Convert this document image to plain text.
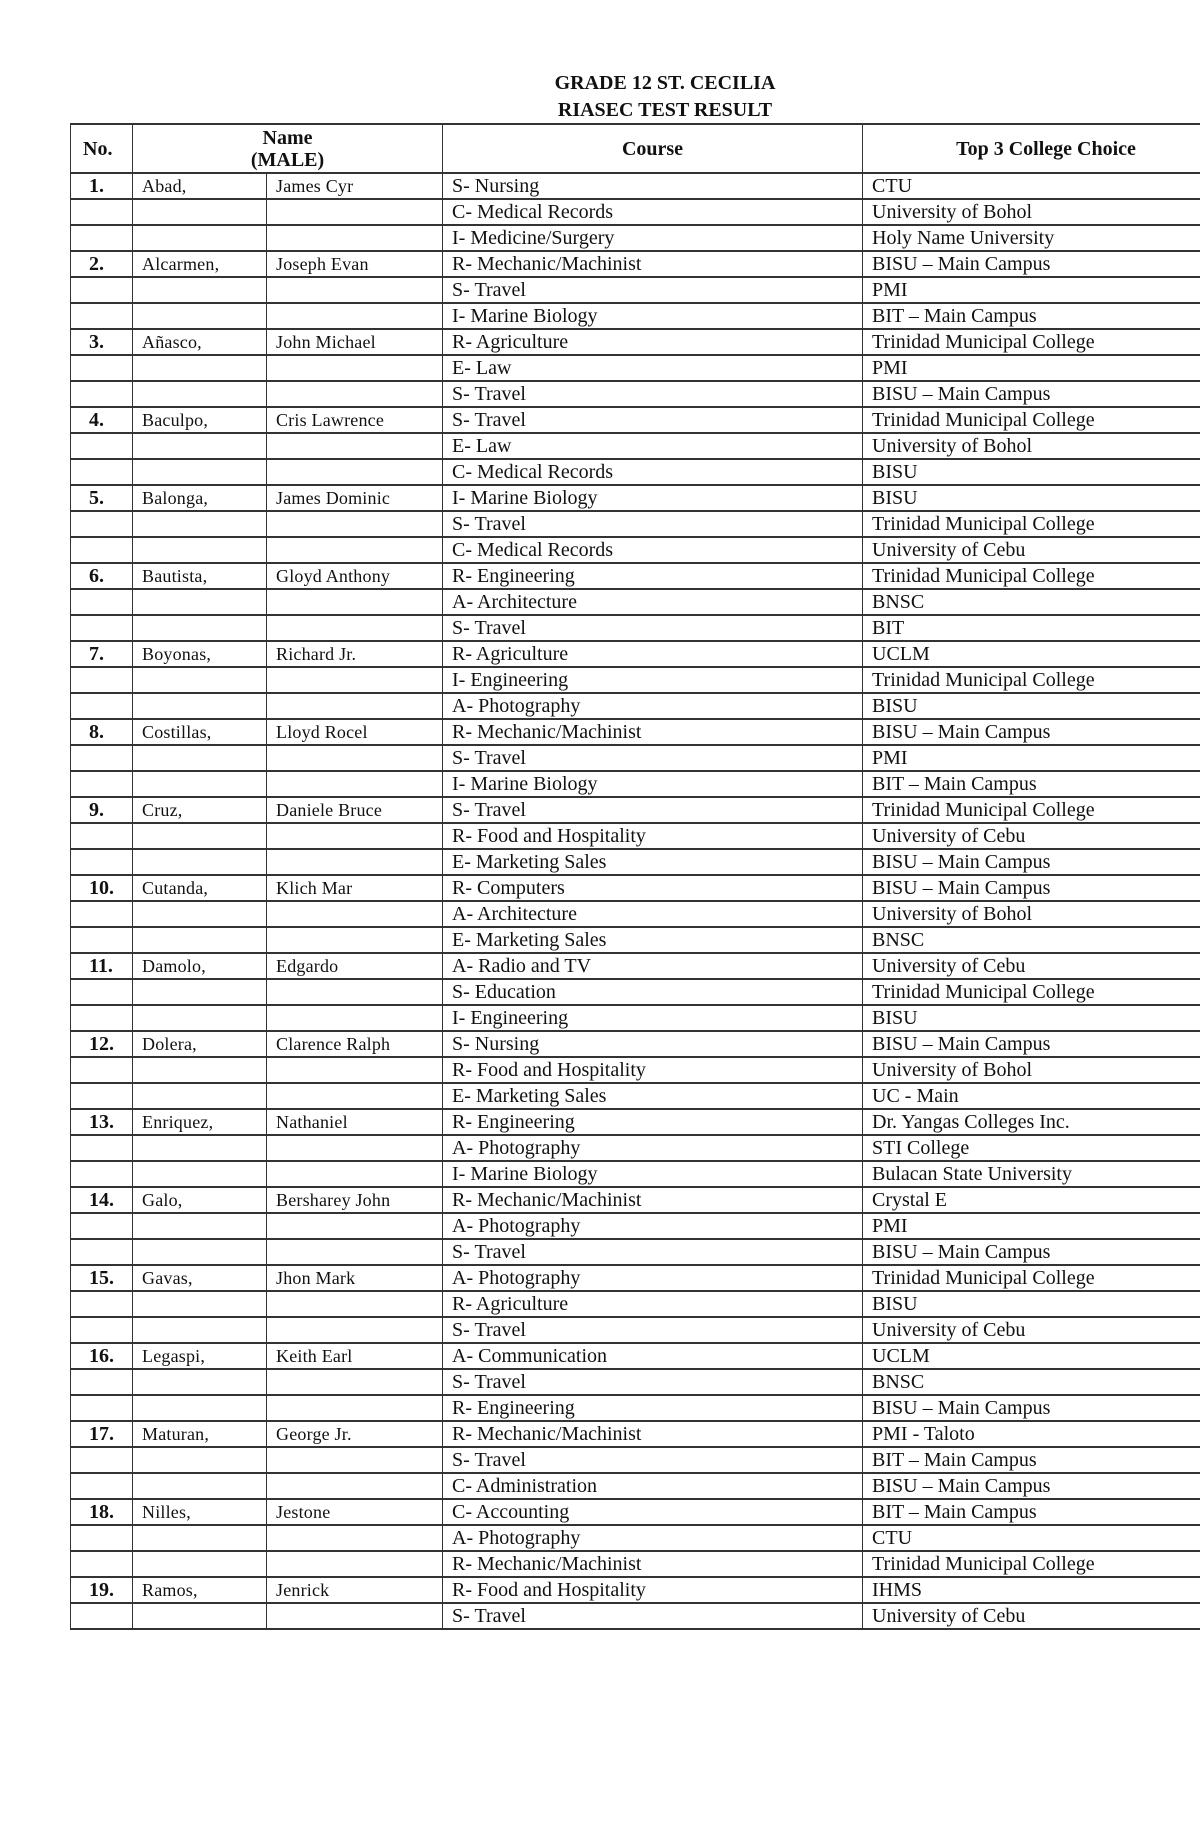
GRADE 12 ST. CECILIA
RIASEC TEST RESULT
No.	Name
(MALE)		Course	Top 3 College Choice
1.	Abad,	James Cyr	S- Nursing	CTU
			C- Medical Records	University of Bohol
			I- Medicine/Surgery	Holy Name University
2.	Alcarmen,	Joseph Evan	R- Mechanic/Machinist	BISU – Main Campus
			S- Travel	PMI
			I- Marine Biology	BIT – Main Campus
3.	Añasco,	John Michael	R- Agriculture	Trinidad Municipal College
			E- Law	PMI
			S- Travel	BISU – Main Campus
4.	Baculpo,	Cris Lawrence	S- Travel	Trinidad Municipal College
			E- Law	University of Bohol
			C- Medical Records	BISU
5.	Balonga,	James Dominic	I- Marine Biology	BISU
			S- Travel	Trinidad Municipal College
			C- Medical Records	University of Cebu
6.	Bautista,	Gloyd Anthony	R- Engineering	Trinidad Municipal College
			A- Architecture	BNSC
			S- Travel	BIT
7.	Boyonas,	Richard Jr.	R- Agriculture	UCLM
			I- Engineering	Trinidad Municipal College
			A- Photography	BISU
8.	Costillas,	Lloyd Rocel	R- Mechanic/Machinist	BISU – Main Campus
			S- Travel	PMI
			I- Marine Biology	BIT – Main Campus
9.	Cruz,	Daniele Bruce	S- Travel	Trinidad Municipal College
			R- Food and Hospitality	University of Cebu
			E- Marketing Sales	BISU – Main Campus
10.	Cutanda,	Klich Mar	R- Computers	BISU – Main Campus
			A- Architecture	University of Bohol
			E- Marketing Sales	BNSC
11.	Damolo,	Edgardo	A- Radio and TV	University of Cebu
			S- Education	Trinidad Municipal College
			I- Engineering	BISU
12.	Dolera,	Clarence Ralph	S- Nursing	BISU – Main Campus
			R- Food and Hospitality	University of Bohol
			E- Marketing Sales	UC - Main
13.	Enriquez,	Nathaniel	R- Engineering	Dr. Yangas Colleges Inc.
			A- Photography	STI College
			I- Marine Biology	Bulacan State University
14.	Galo,	Bersharey John	R- Mechanic/Machinist	Crystal E
			A- Photography	PMI
			S- Travel	BISU – Main Campus
15.	Gavas,	Jhon Mark	A- Photography	Trinidad Municipal College
			R- Agriculture	BISU
			S- Travel	University of Cebu
16.	Legaspi,	Keith Earl	A- Communication	UCLM
			S- Travel	BNSC
			R- Engineering	BISU – Main Campus
17.	Maturan,	George Jr.	R- Mechanic/Machinist	PMI - Taloto
			S- Travel	BIT – Main Campus
			C- Administration	BISU – Main Campus
18.	Nilles,	Jestone	C- Accounting	BIT – Main Campus
			A- Photography	CTU
			R- Mechanic/Machinist	Trinidad Municipal College
19.	Ramos,	Jenrick	R- Food and Hospitality	IHMS
			S- Travel	University of Cebu
